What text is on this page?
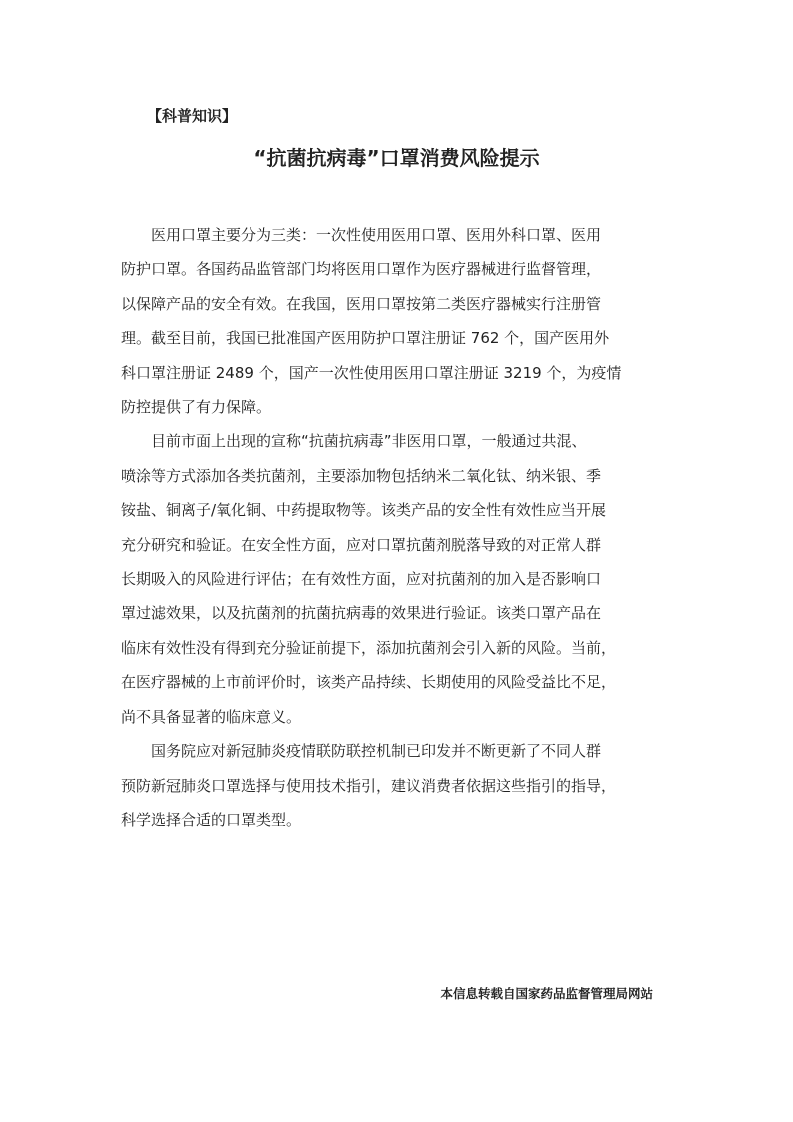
【科普知识】
“抗菌抗病毒”口罩消费风险提示

医用口罩主要分为三类：一次性使用医用口罩、医用外科口罩、医用
防护口罩。各国药品监管部门均将医用口罩作为医疗器械进行监督管理，
以保障产品的安全有效。在我国，医用口罩按第二类医疗器械实行注册管
理。截至目前，我国已批准国产医用防护口罩注册证 762 个，国产医用外
科口罩注册证 2489 个，国产一次性使用医用口罩注册证 3219 个，为疫情
防控提供了有力保障。

目前市面上出现的宣称“抗菌抗病毒”非医用口罩，一般通过共混、
喷涂等方式添加各类抗菌剂，主要添加物包括纳米二氧化钛、纳米银、季
铵盐、铜离子/氧化铜、中药提取物等。该类产品的安全性有效性应当开展
充分研究和验证。在安全性方面，应对口罩抗菌剂脱落导致的对正常人群
长期吸入的风险进行评估；在有效性方面，应对抗菌剂的加入是否影响口
罩过滤效果，以及抗菌剂的抗菌抗病毒的效果进行验证。该类口罩产品在
临床有效性没有得到充分验证前提下，添加抗菌剂会引入新的风险。当前，
在医疗器械的上市前评价时，该类产品持续、长期使用的风险受益比不足，
尚不具备显著的临床意义。

国务院应对新冠肺炎疫情联防联控机制已印发并不断更新了不同人群
预防新冠肺炎口罩选择与使用技术指引，建议消费者依据这些指引的指导，
科学选择合适的口罩类型。

本信息转载自国家药品监督管理局网站
